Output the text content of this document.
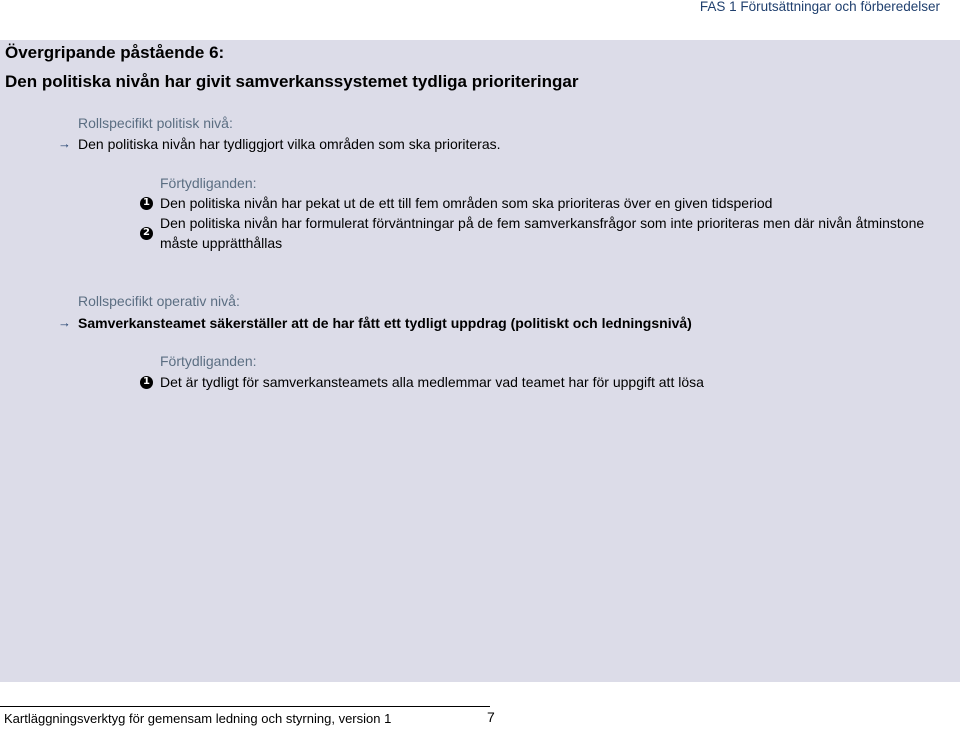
FAS 1 Förutsättningar och förberedelser
Övergripande påstående 6:
Den politiska nivån har givit samverkanssystemet tydliga prioriteringar
Rollspecifikt politisk nivå:
→ Den politiska nivån har tydliggjort vilka områden som ska prioriteras.
Förtydliganden:
1 Den politiska nivån har pekat ut de ett till fem områden som ska prioriteras över en given tidsperiod
2
Den politiska nivån har formulerat förväntningar på de fem samverkansfrågor som inte prioriteras men där nivån åtminstone måste upprätthållas
Rollspecifikt operativ nivå:
→ Samverkansteamet säkerställer att de har fått ett tydligt uppdrag (politiskt och ledningsnivå)
Förtydliganden:
1 Det är tydligt för samverkansteamets alla medlemmar vad teamet har för uppgift att lösa
Kartläggningsverktyg för gemensam ledning och styrning, version 1	7
